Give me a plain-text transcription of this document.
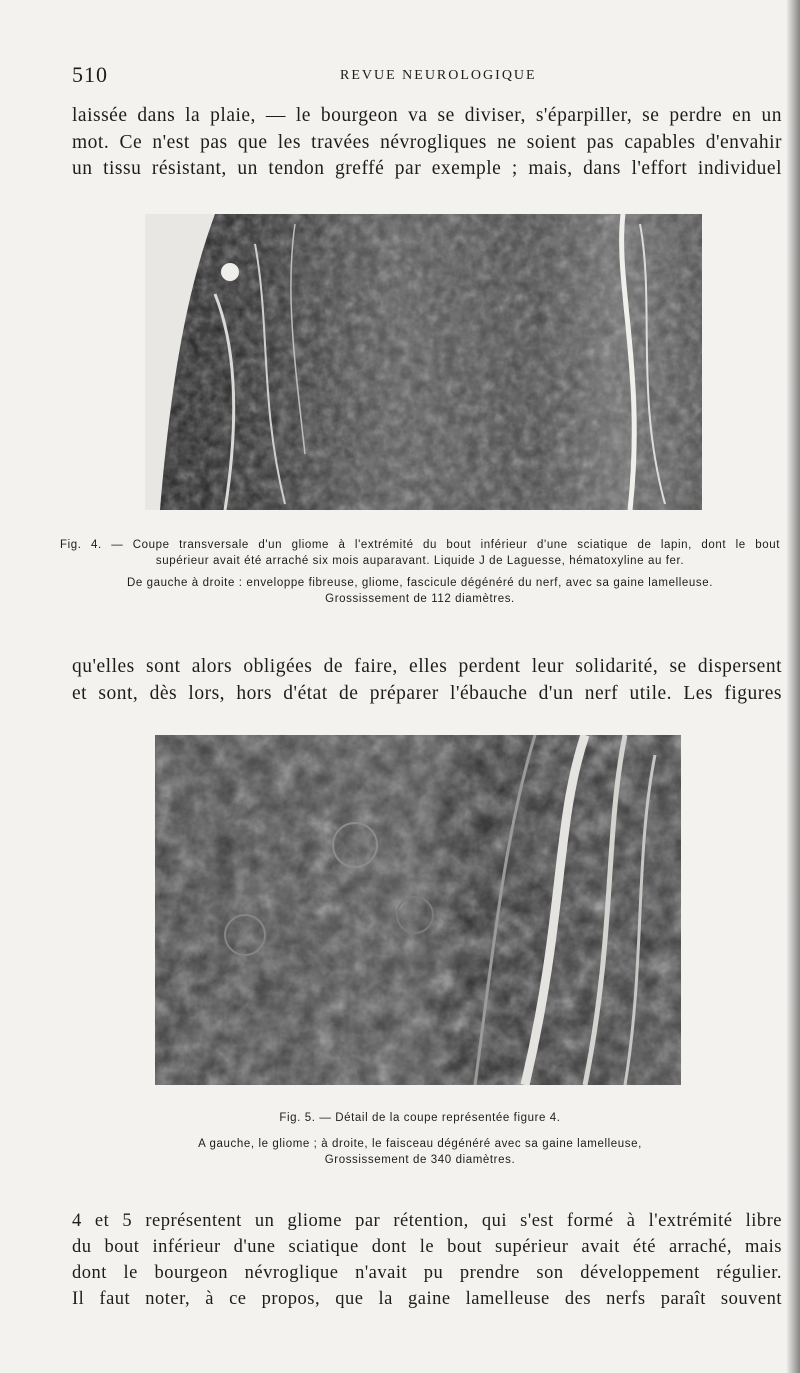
510	REVUE NEUROLOGIQUE

laissée dans la plaie, — le bourgeon va se diviser, s'éparpiller, se perdre en un
mot. Ce n'est pas que les travées névrogliques ne soient pas capables d'envahir
un tissu résistant, un tendon greffé par exemple ; mais, dans l'effort individuel

Fig. 4. — Coupe transversale d'un gliome à l'extrémité du bout inférieur d'une sciatique de lapin, dont le bout
supérieur avait été arraché six mois auparavant. Liquide J de Laguesse, hématoxyline au fer.
De gauche à droite : enveloppe fibreuse, gliome, fascicule dégénéré du nerf, avec sa gaine lamelleuse.
Grossissement de 112 diamètres.

qu'elles sont alors obligées de faire, elles perdent leur solidarité, se dispersent
et sont, dès lors, hors d'état de préparer l'ébauche d'un nerf utile. Les figures

Fig. 5. — Détail de la coupe représentée figure 4.
A gauche, le gliome ; à droite, le faisceau dégénéré avec sa gaine lamelleuse,
Grossissement de 340 diamètres.

4 et 5 représentent un gliome par rétention, qui s'est formé à l'extrémité libre
du bout inférieur d'une sciatique dont le bout supérieur avait été arraché, mais
dont le bourgeon névroglique n'avait pu prendre son développement régulier.
Il faut noter, à ce propos, que la gaine lamelleuse des nerfs paraît souvent
